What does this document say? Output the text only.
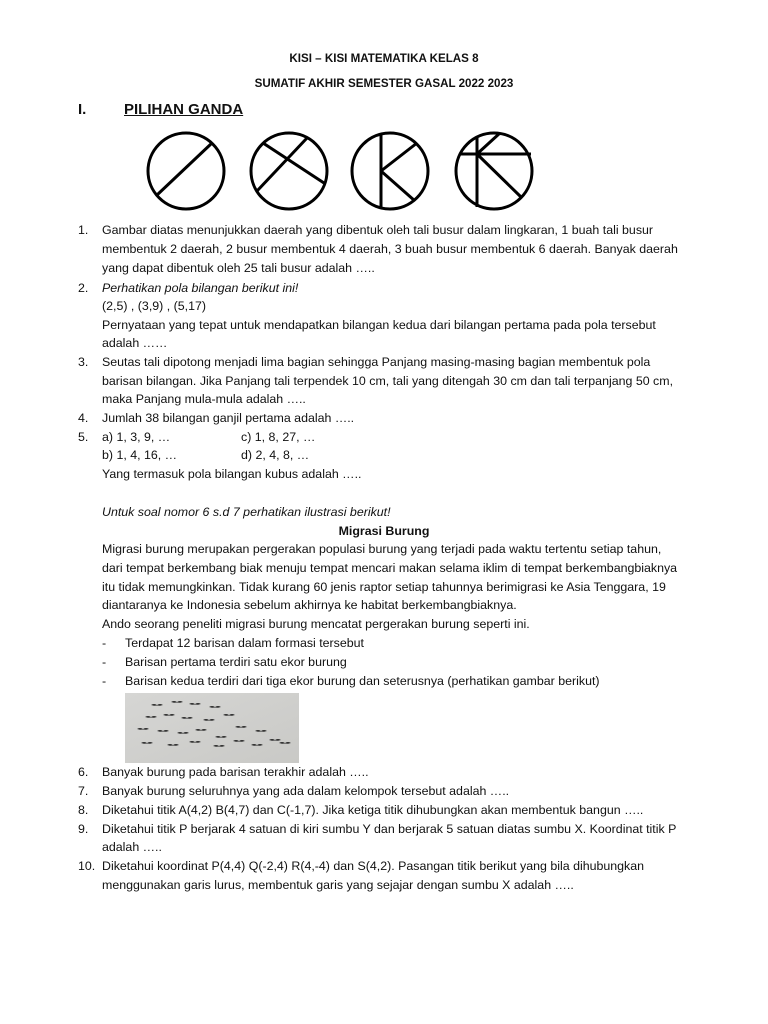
KISI – KISI MATEMATIKA KELAS 8
SUMATIF AKHIR SEMESTER GASAL 2022 2023
I.	PILIHAN GANDA
1. Gambar diatas menunjukkan daerah yang dibentuk oleh tali busur dalam lingkaran, 1 buah tali busur
membentuk 2 daerah, 2 busur membentuk 4 daerah, 3 buah busur membentuk 6 daerah. Banyak daerah
yang dapat dibentuk oleh 25 tali busur adalah …..
2. Perhatikan pola bilangan berikut ini!
(2,5) , (3,9) , (5,17)
Pernyataan yang tepat untuk mendapatkan bilangan kedua dari bilangan pertama pada pola tersebut
adalah ……
3. Seutas tali dipotong menjadi lima bagian sehingga Panjang masing-masing bagian membentuk pola
barisan bilangan. Jika Panjang tali terpendek 10 cm, tali yang ditengah 30 cm dan tali terpanjang 50 cm,
maka Panjang mula-mula adalah …..
4. Jumlah 38 bilangan ganjil pertama adalah …..
5. a) 1, 3, 9, …	c) 1, 8, 27, …
b) 1, 4, 16, …	d) 2, 4, 8, …
Yang termasuk pola bilangan kubus adalah …..
Untuk soal nomor 6 s.d 7 perhatikan ilustrasi berikut!
Migrasi Burung
Migrasi burung merupakan pergerakan populasi burung yang terjadi pada waktu tertentu setiap tahun,
dari tempat berkembang biak menuju tempat mencari makan selama iklim di tempat berkembangbiaknya
itu tidak memungkinkan. Tidak kurang 60 jenis raptor setiap tahunnya berimigrasi ke Asia Tenggara, 19
diantaranya ke Indonesia sebelum akhirnya ke habitat berkembangbiaknya.
Ando seorang peneliti migrasi burung mencatat pergerakan burung seperti ini.
- Terdapat 12 barisan dalam formasi tersebut
- Barisan pertama terdiri satu ekor burung
- Barisan kedua terdiri dari tiga ekor burung dan seterusnya (perhatikan gambar berikut)
6. Banyak burung pada barisan terakhir adalah …..
7. Banyak burung seluruhnya yang ada dalam kelompok tersebut adalah …..
8. Diketahui titik A(4,2) B(4,7) dan C(-1,7). Jika ketiga titik dihubungkan akan membentuk bangun …..
9. Diketahui titik P berjarak 4 satuan di kiri sumbu Y dan berjarak 5 satuan diatas sumbu X. Koordinat titik P
adalah …..
10. Diketahui koordinat P(4,4) Q(-2,4) R(4,-4) dan S(4,2). Pasangan titik berikut yang bila dihubungkan
menggunakan garis lurus, membentuk garis yang sejajar dengan sumbu X adalah …..
